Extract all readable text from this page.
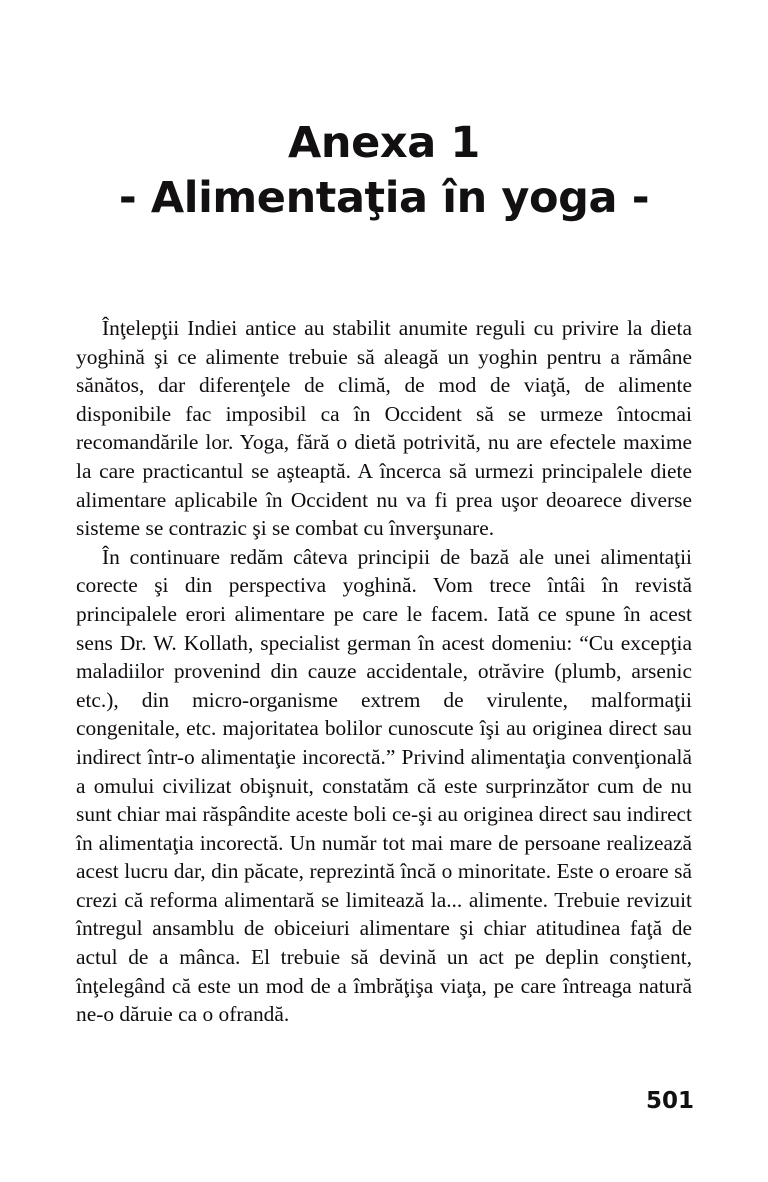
Anexa 1
- Alimentaţia în yoga -

Înţelepţii Indiei antice au stabilit anumite reguli cu privire la dieta yoghină şi ce alimente trebuie să aleagă un yoghin pentru a rămâne sănătos, dar diferenţele de climă, de mod de viaţă, de alimente disponibile fac imposibil ca în Occident să se urmeze întocmai recomandările lor. Yoga, fără o dietă potrivită, nu are efectele maxime la care practicantul se aşteaptă. A încerca să urmezi principalele diete alimentare aplicabile în Occident nu va fi prea uşor deoarece diverse sisteme se contrazic şi se combat cu înverşunare.

În continuare redăm câteva principii de bază ale unei alimentaţii corecte şi din perspectiva yoghină. Vom trece întâi în revistă principalele erori alimentare pe care le facem. Iată ce spune în acest sens Dr. W. Kollath, specialist german în acest domeniu: “Cu excepţia maladiilor provenind din cauze accidentale, otrăvire (plumb, arsenic etc.), din micro-organisme extrem de virulente, malformaţii congenitale, etc. majoritatea bolilor cunoscute îşi au originea direct sau indirect într-o alimentaţie incorectă.” Privind alimentaţia convenţională a omului civilizat obişnuit, constatăm că este surprinzător cum de nu sunt chiar mai răspândite aceste boli ce-şi au originea direct sau indirect în alimentaţia incorectă. Un număr tot mai mare de persoane realizează acest lucru dar, din păcate, reprezintă încă o minoritate. Este o eroare să crezi că reforma alimentară se limitează la... alimente. Trebuie revizuit întregul ansamblu de obiceiuri alimentare şi chiar atitudinea faţă de actul de a mânca. El trebuie să devină un act pe deplin conştient, înţelegând că este un mod de a îmbrăţişa viaţa, pe care întreaga natură ne-o dăruie ca o ofrandă.

501
